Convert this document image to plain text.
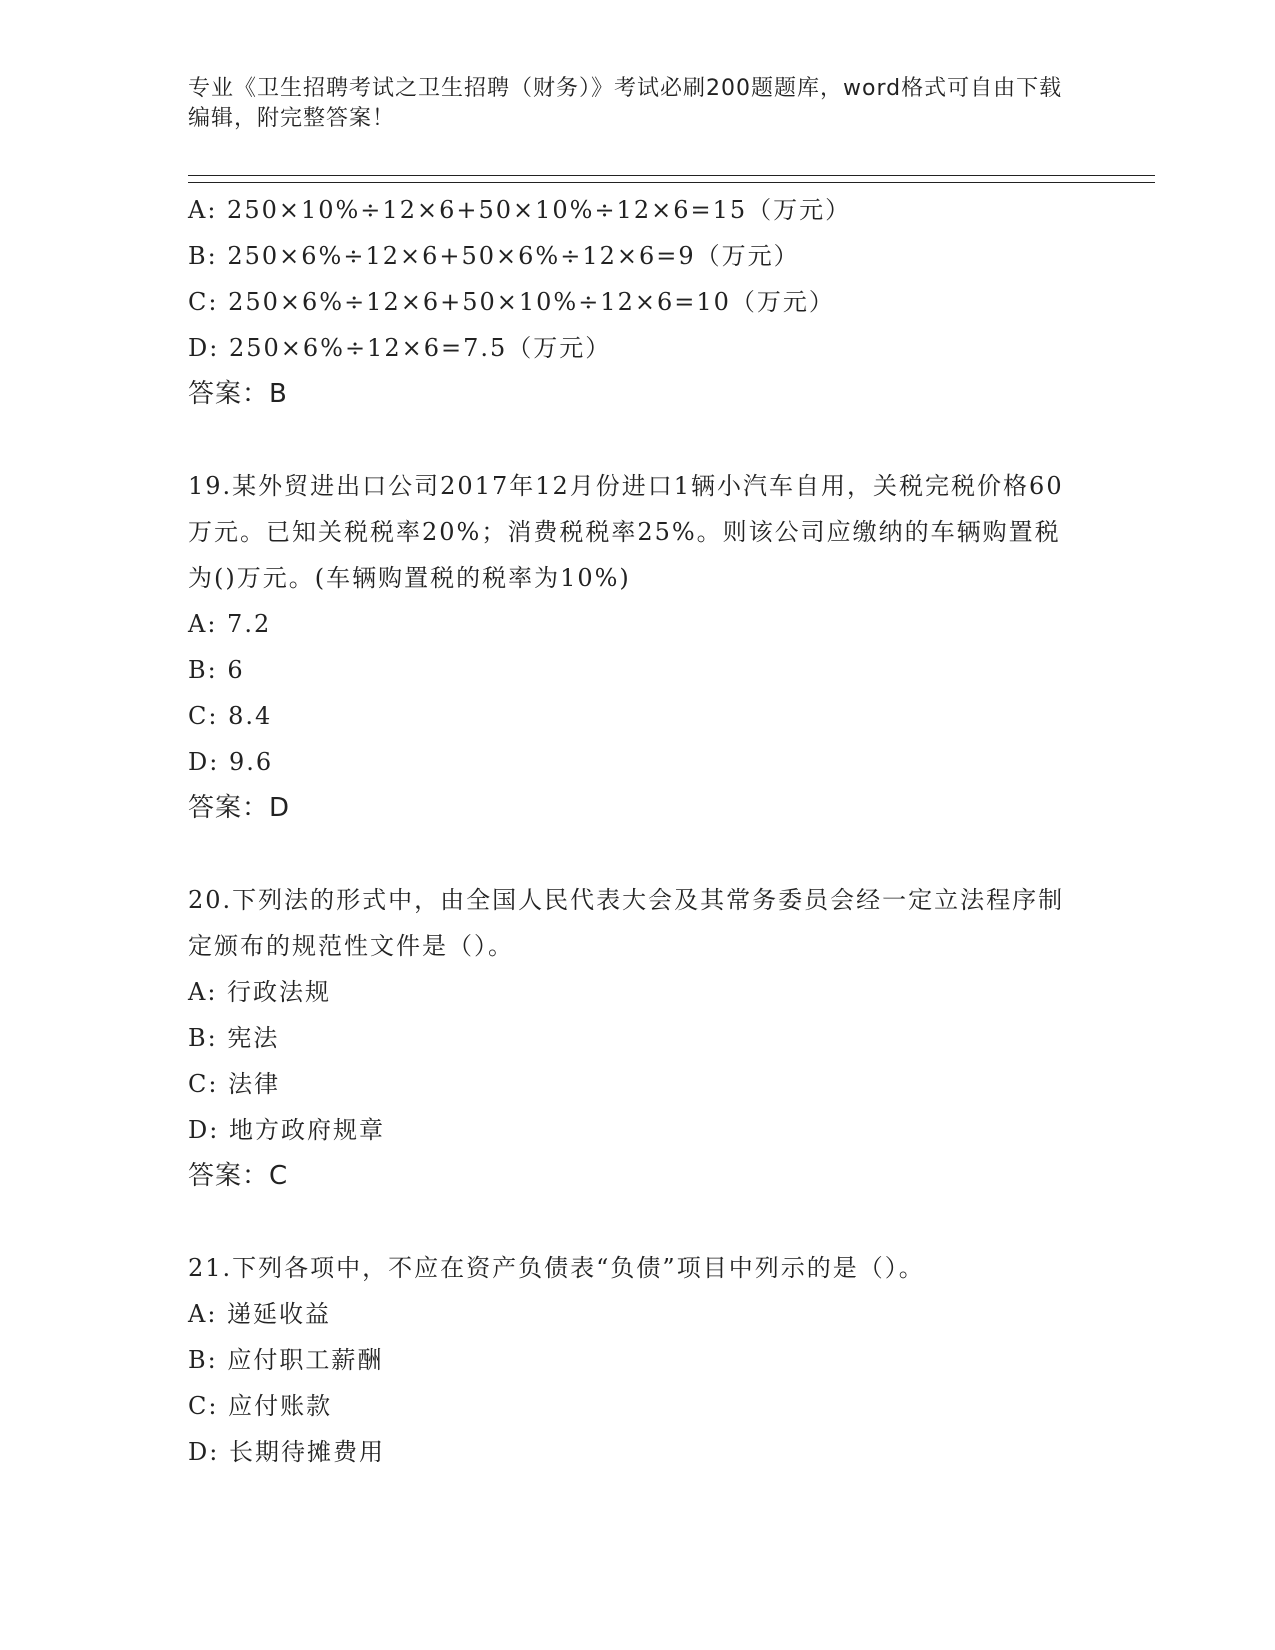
专业《卫生招聘考试之卫生招聘（财务）》考试必刷200题题库，word格式可自由下载编辑，附完整答案！
A: 250×10%÷12×6+50×10%÷12×6=15（万元）
B: 250×6%÷12×6+50×6%÷12×6=9（万元）
C: 250×6%÷12×6+50×10%÷12×6=10（万元）
D: 250×6%÷12×6=7.5（万元）
答案：B
19.某外贸进出口公司2017年12月份进口1辆小汽车自用，关税完税价格60万元。已知关税税率20%；消费税税率25%。则该公司应缴纳的车辆购置税为()万元。(车辆购置税的税率为10%)
A: 7.2
B: 6
C: 8.4
D: 9.6
答案：D
20.下列法的形式中，由全国人民代表大会及其常务委员会经一定立法程序制定颁布的规范性文件是（）。
A: 行政法规
B: 宪法
C: 法律
D: 地方政府规章
答案：C
21.下列各项中，不应在资产负债表“负债”项目中列示的是（）。
A: 递延收益
B: 应付职工薪酬
C: 应付账款
D: 长期待摊费用
